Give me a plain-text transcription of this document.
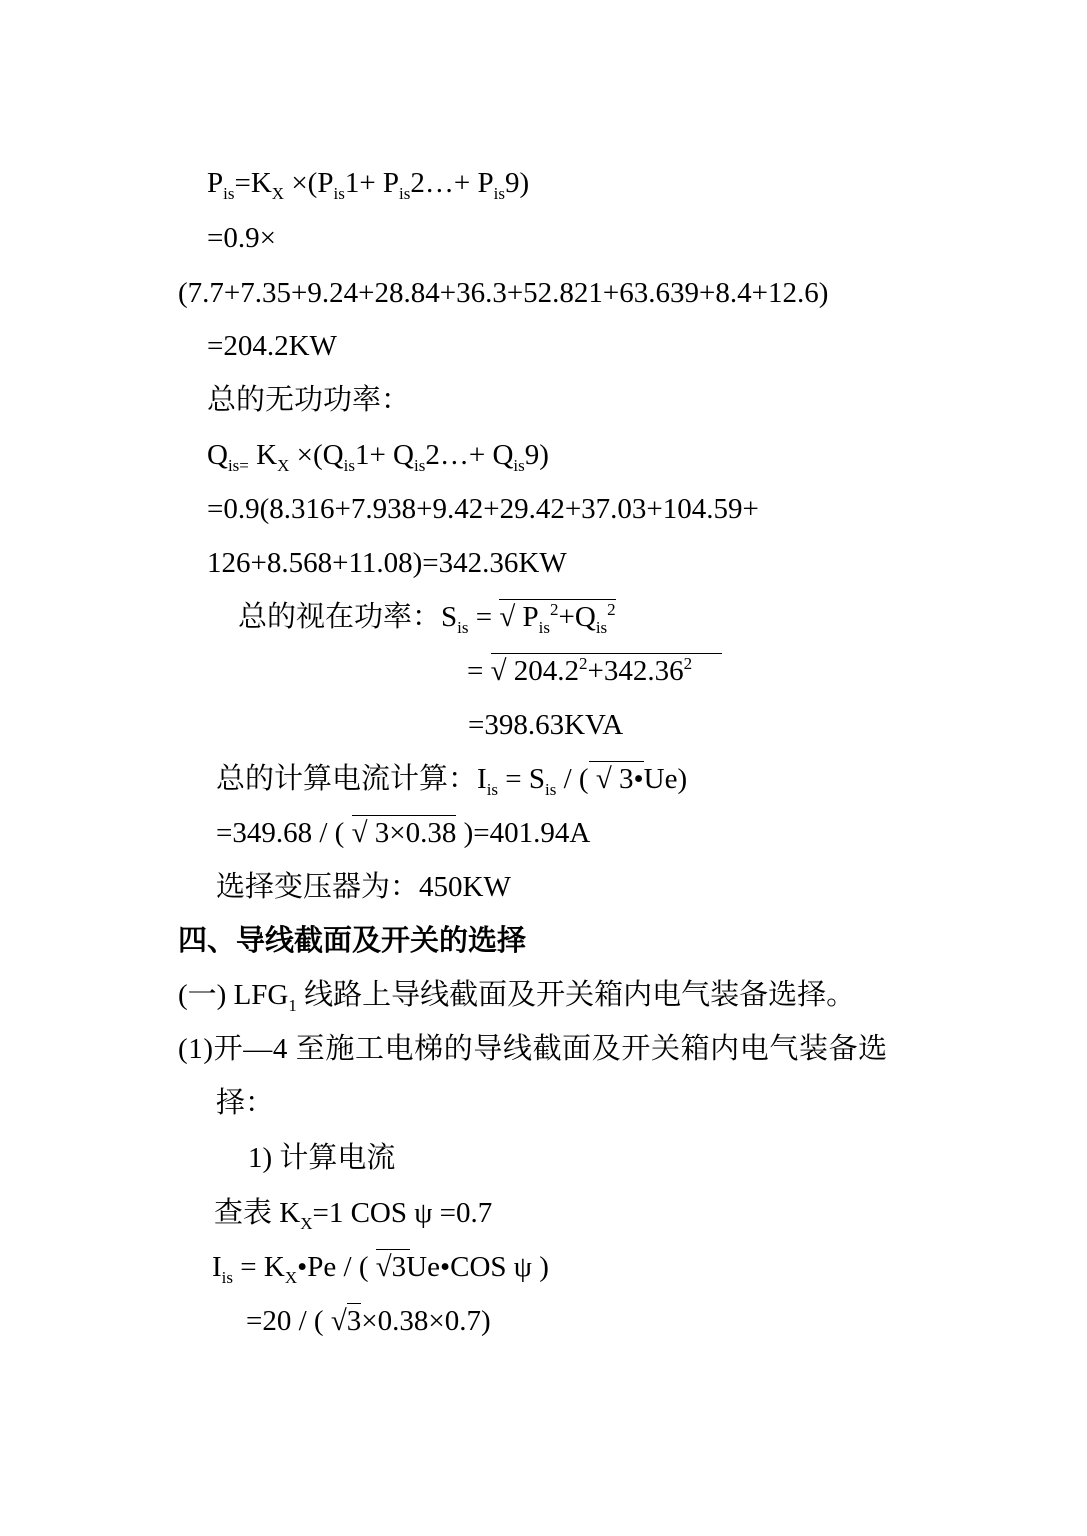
$P_{is}=K_X \times(P_{is}1+$ $P_{is}2\dots+ P_{is}9$)
=0.9×
(7.7+7.35+9.24+28.84+36.3+52.821+63.639+8.4+12.6)
=204.2KW
总的无功功率：
$Q_{is=}$ $K_X \times(Q_{is}1+$ $Q_{is}2\dots+ Q_{is}9$)
=0.9(8.316+7.938+9.42+29.42+37.03+104.59+
126+8.568+11.08)=342.36KW
总的视在功率：$S_{is}$ = √ $P_{is}^2+Q_{is}^2$
= √ $204.2^2+342.36^2$
=398.63KVA
总的计算电流计算：$I_{is} = S_{is}$ / ( √ 3•Ue)
=349.68 / ( √ 3×0.38 )=401.94A
选择变压器为：450KW
四、导线截面及开关的选择
(一) $LFG_1$ 线路上导线截面及开关箱内电气装备选择。
(1)开—4 至施工电梯的导线截面及开关箱内电气装备选
择：
1) 计算电流
查表 $K_X=1$ COS ψ =0.7
$I_{is}$ = $K_X•Pe$ / ( √3Ue•COS ψ )
=20 / ( √3×0.38×0.7)
